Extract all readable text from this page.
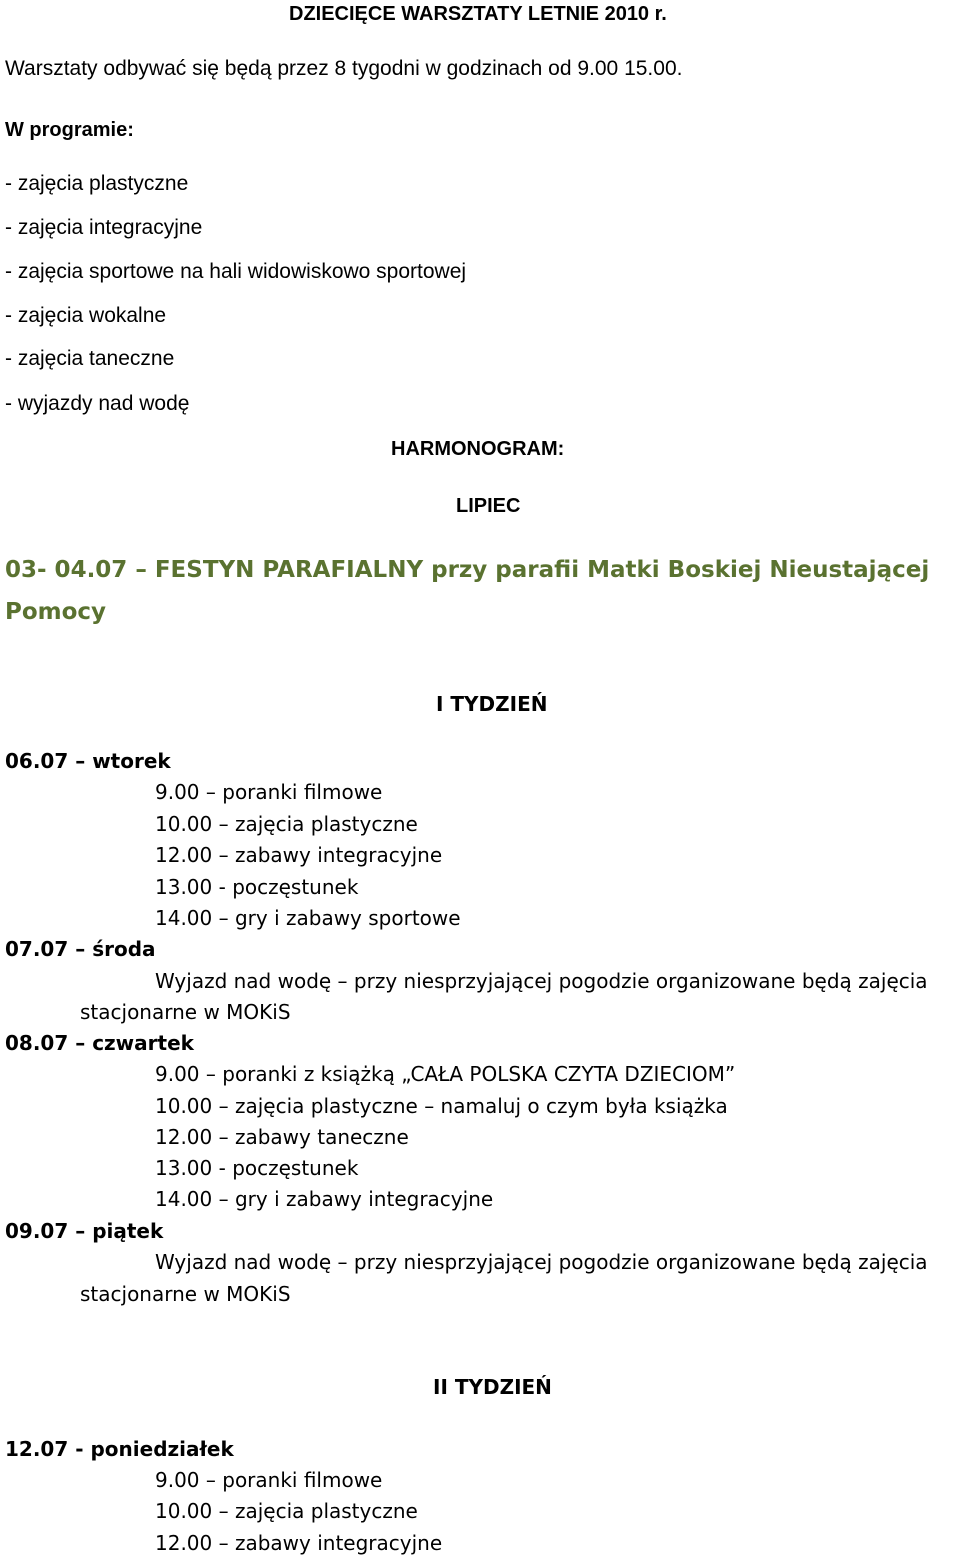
DZIECIĘCE WARSZTATY LETNIE 2010 r.
Warsztaty odbywać się będą przez 8 tygodni w godzinach od 9.00 15.00.
W programie:
- zajęcia plastyczne
- zajęcia integracyjne
- zajęcia sportowe na hali widowiskowo sportowej
- zajęcia wokalne
- zajęcia taneczne
- wyjazdy nad wodę
HARMONOGRAM:
LIPIEC
03- 04.07 – FESTYN PARAFIALNY przy parafii Matki Boskiej Nieustającej Pomocy
I TYDZIEŃ
06.07 – wtorek
9.00 – poranki filmowe
10.00 – zajęcia plastyczne
12.00 – zabawy integracyjne
13.00 - poczęstunek
14.00 – gry i zabawy sportowe
07.07 – środa
Wyjazd nad wodę – przy niesprzyjającej pogodzie organizowane będą zajęcia
stacjonarne w MOKiS
08.07 – czwartek
9.00 – poranki z książką „CAŁA POLSKA CZYTA DZIECIOM”
10.00 – zajęcia plastyczne – namaluj o czym była książka
12.00 – zabawy taneczne
13.00 - poczęstunek
14.00 – gry i zabawy integracyjne
09.07 – piątek
Wyjazd nad wodę – przy niesprzyjającej pogodzie organizowane będą zajęcia
stacjonarne w MOKiS
II TYDZIEŃ
12.07 - poniedziałek
9.00 – poranki filmowe
10.00 – zajęcia plastyczne
12.00 – zabawy integracyjne
